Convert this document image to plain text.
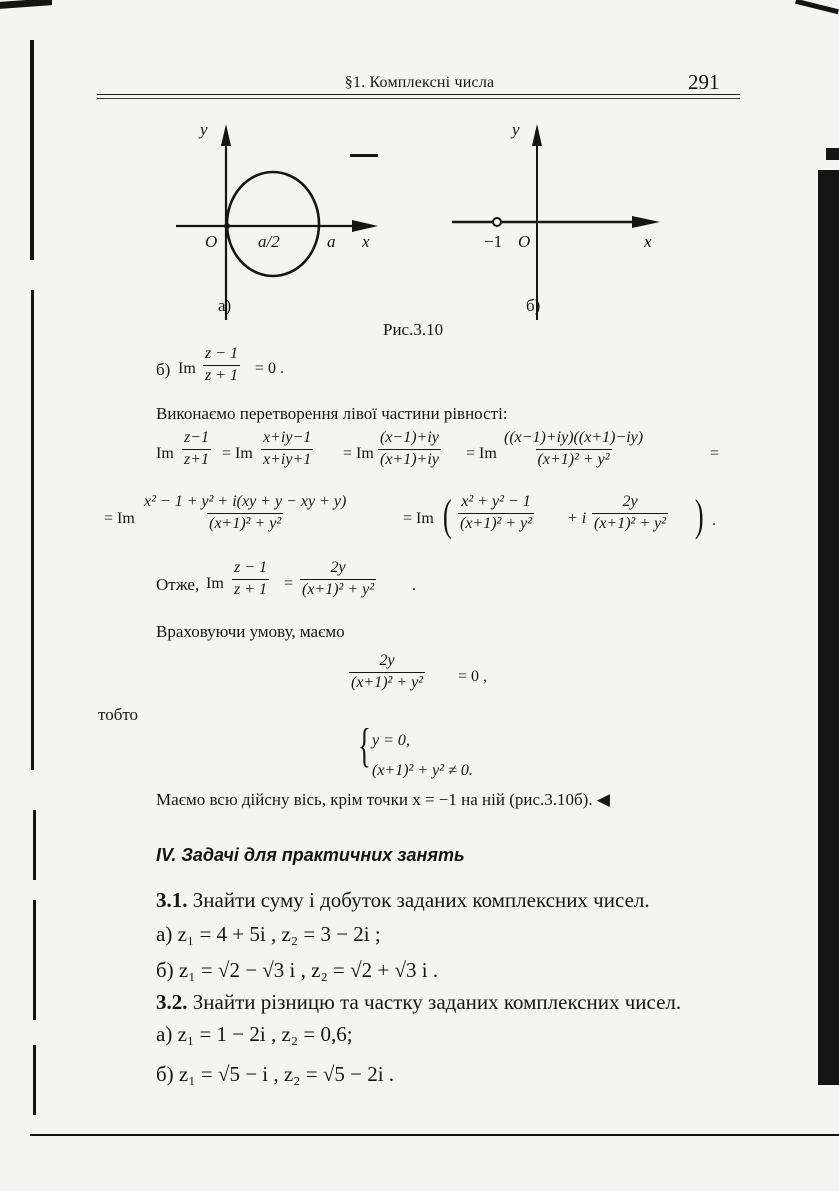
§1. Комплексні числа	291
y
O a/2	a x
а)
y
−1 O	x
б)
Рис.3.10
б) Im $\frac{z - 1}{z + 1} = 0$ .
Виконаємо перетворення лівої частини рівності:
Im $\frac{z-1}{z+1} = Im \frac{x+iy-1}{x+iy+1} = Im \frac{(x-1)+iy}{(x+1)+iy} = Im \frac{((x-1)+iy)((x+1)-iy)}{\text{(x+1)² + y²}}$	=
= Im $\frac{\text{x² − 1 + y² + i(xy + y − xy + y)}}{\text{(x+1)² + y²}}$	= Im ( $\frac{\text{x² + y² − 1}}{\text{(x+1)² + y²}} + i \frac{2y}{\text{(x+1)² + y²}}$ ) .
Отже, Im $\frac{z - 1}{z + 1} = \frac{2y}{\text{(x+1)² + y²}}$ .
Враховуючи умову, маємо
$\frac{2y}{\text{(x+1)² + y²}} = 0$ ,
тобто
{ y = 0,
(x+1)² + y² ≠ 0.
Маємо всю дійсну вісь, крім точки x = −1 на ній (рис.3.10б). ◀
IV. Задачі для практичних занять
3.1. Знайти суму і добуток заданих комплексних чисел.
а) z₁ = 4 + 5i , z₂ = 3 − 2i ;
б) z₁ = √2 − √3 i , z₂ = √2 + √3 i .
3.2. Знайти різницю та частку заданих комплексних чисел.
а) z₁ = 1 − 2i , z₂ = 0,6;
б) z₁ = √5 − i , z₂ = √5 − 2i .
